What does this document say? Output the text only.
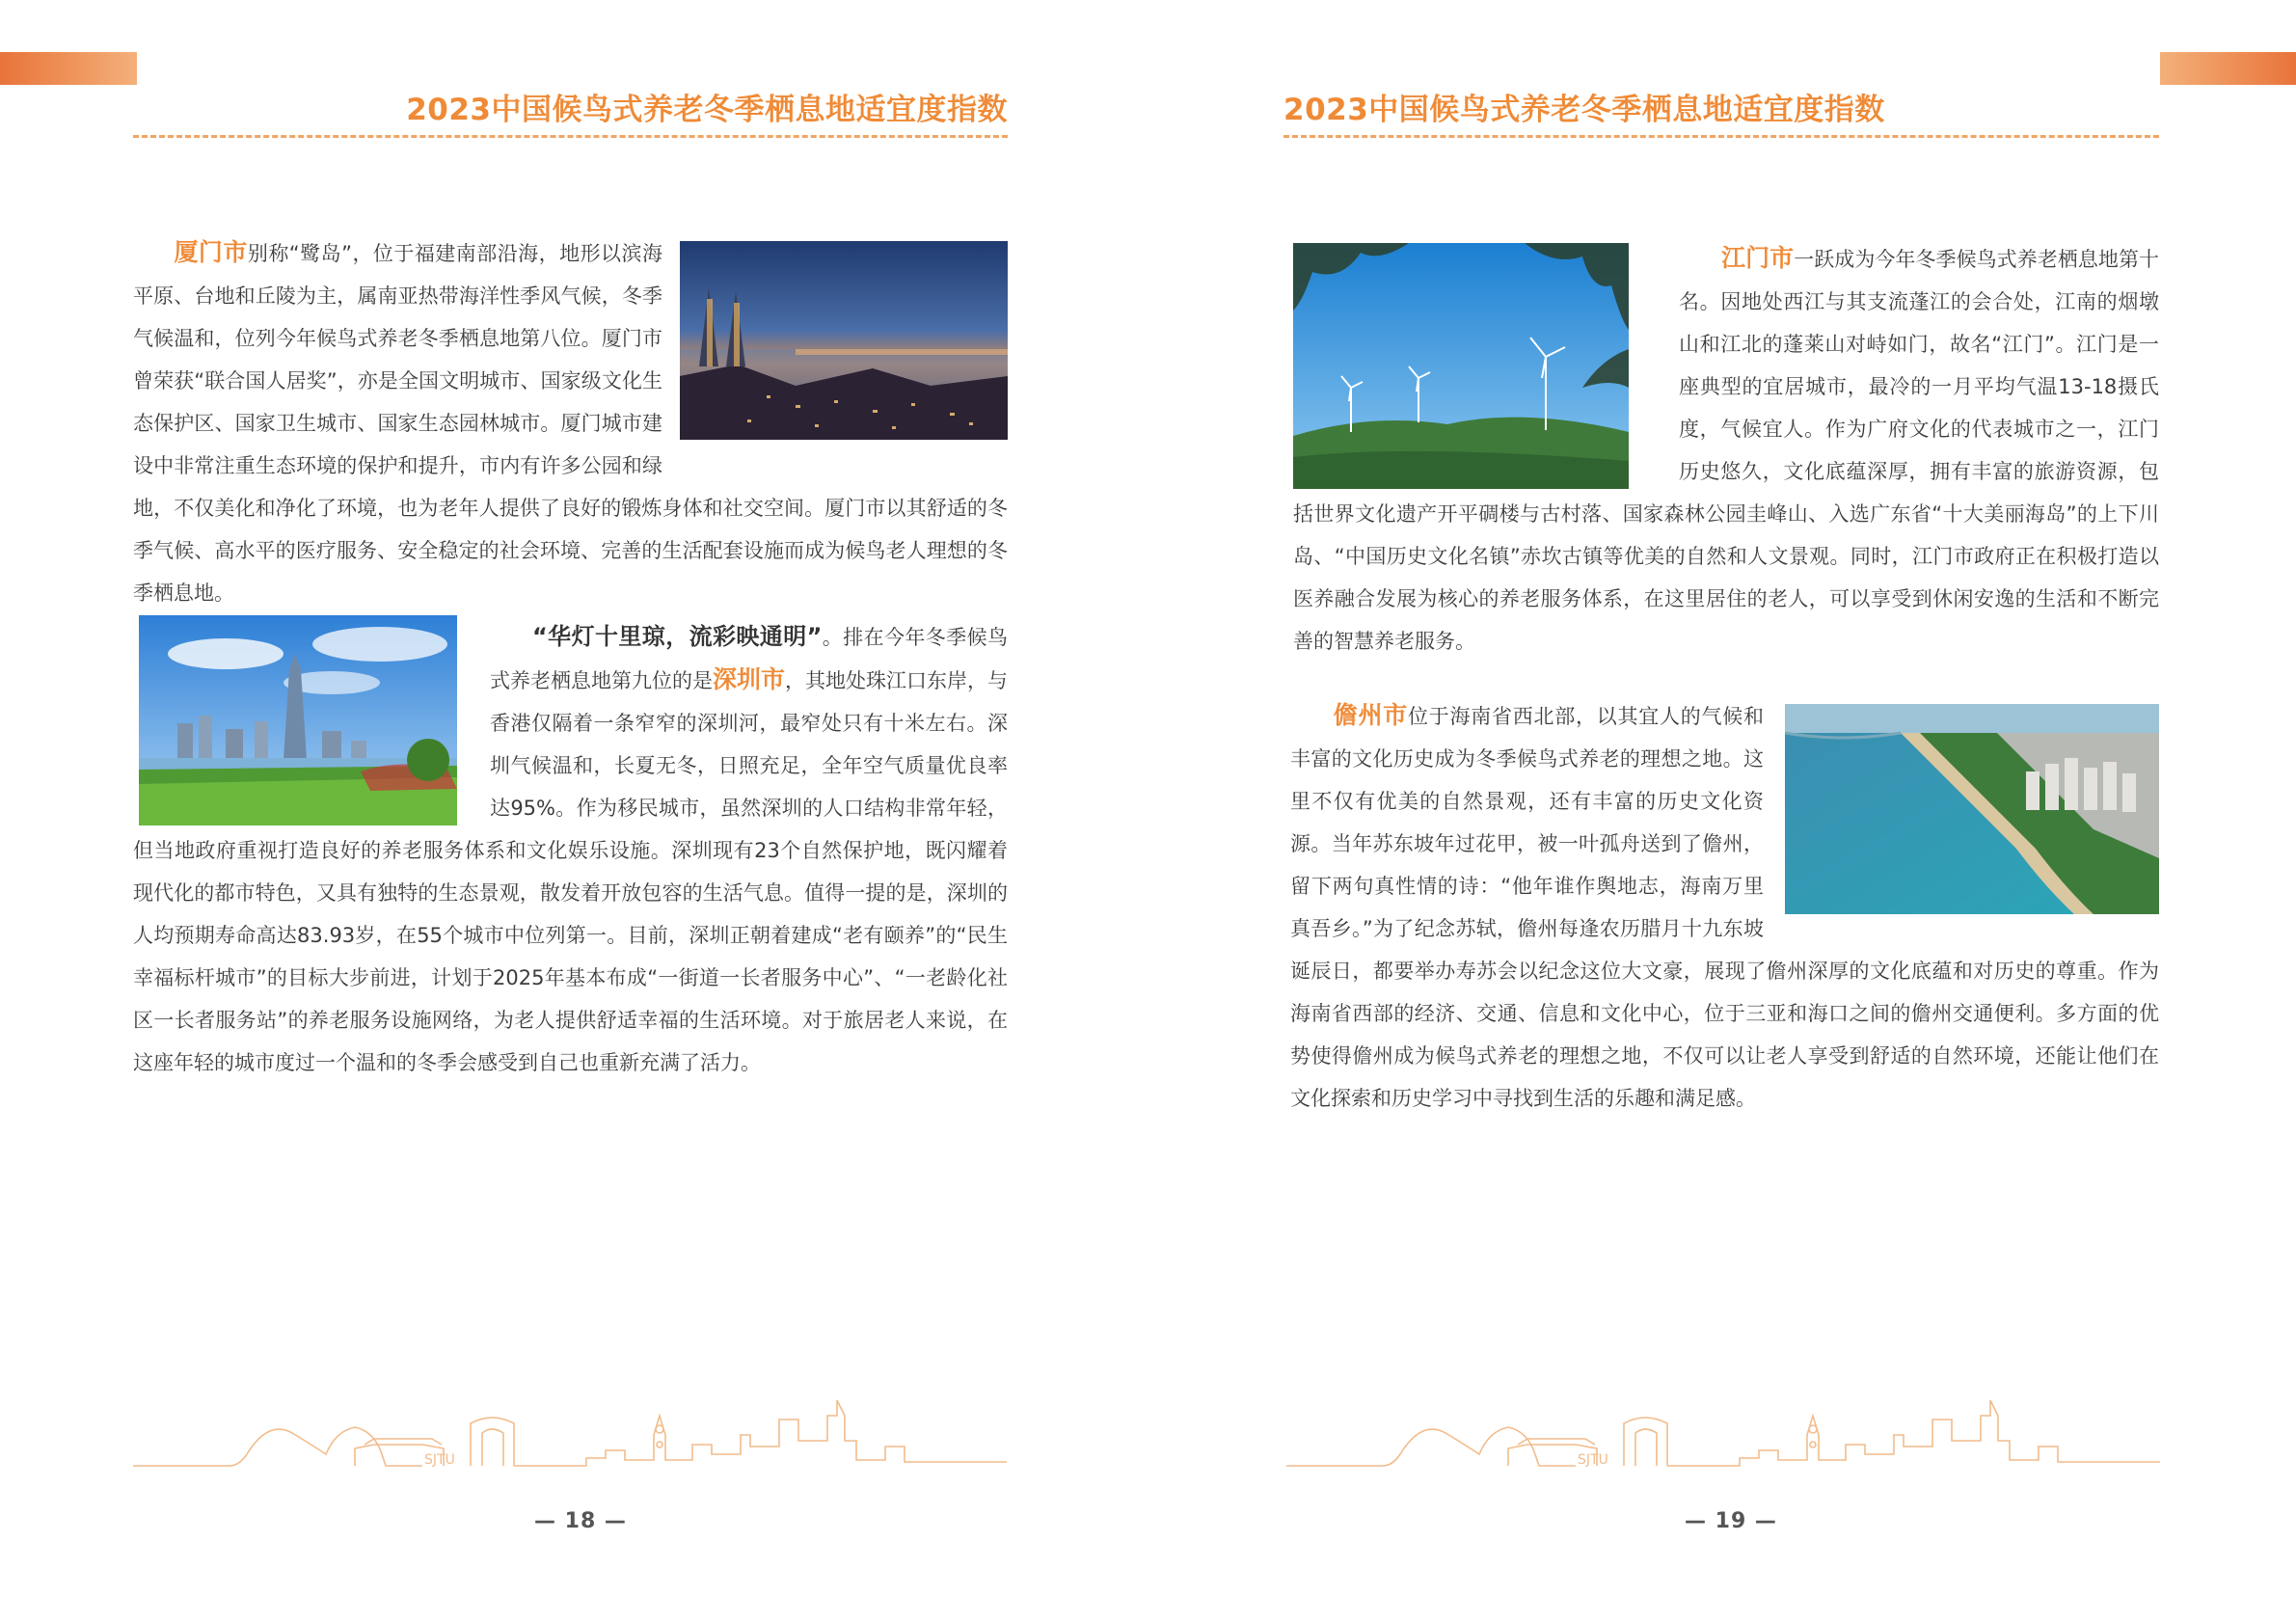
2023中国候鸟式养老冬季栖息地适宜度指数
厦门市别称“鹭岛”，位于福建南部沿海，地形以滨海平原、台地和丘陵为主，属南亚热带海洋性季风气候，冬季气候温和，位列今年候鸟式养老冬季栖息地第八位。厦门市曾荣获“联合国人居奖”，亦是全国文明城市、国家级文化生态保护区、国家卫生城市、国家生态园林城市。厦门城市建设中非常注重生态环境的保护和提升，市内有许多公园和绿地，不仅美化和净化了环境，也为老年人提供了良好的锻炼身体和社交空间。厦门市以其舒适的冬季气候、高水平的医疗服务、安全稳定的社会环境、完善的生活配套设施而成为候鸟老人理想的冬季栖息地。
“华灯十里琼，流彩映通明”。排在今年冬季候鸟式养老栖息地第九位的是深圳市，其地处珠江口东岸，与香港仅隔着一条窄窄的深圳河，最窄处只有十米左右。深圳气候温和，长夏无冬，日照充足，全年空气质量优良率达95%。作为移民城市，虽然深圳的人口结构非常年轻，但当地政府重视打造良好的养老服务体系和文化娱乐设施。深圳现有23个自然保护地，既闪耀着现代化的都市特色，又具有独特的生态景观，散发着开放包容的生活气息。值得一提的是，深圳的人均预期寿命高达83.93岁，在55个城市中位列第一。目前，深圳正朝着建成“老有颐养”的“民生幸福标杆城市”的目标大步前进，计划于2025年基本布成“一街道一长者服务中心”、“一老龄化社区一长者服务站”的养老服务设施网络，为老人提供舒适幸福的生活环境。对于旅居老人来说，在这座年轻的城市度过一个温和的冬季会感受到自己也重新充满了活力。
SJTU
— 18 —
2023中国候鸟式养老冬季栖息地适宜度指数
江门市一跃成为今年冬季候鸟式养老栖息地第十名。因地处西江与其支流蓬江的会合处，江南的烟墩山和江北的蓬莱山对峙如门，故名“江门”。江门是一座典型的宜居城市，最冷的一月平均气温13-18摄氏度，气候宜人。作为广府文化的代表城市之一，江门历史悠久，文化底蕴深厚，拥有丰富的旅游资源，包括世界文化遗产开平碉楼与古村落、国家森林公园圭峰山、入选广东省“十大美丽海岛”的上下川岛、“中国历史文化名镇”赤坎古镇等优美的自然和人文景观。同时，江门市政府正在积极打造以医养融合发展为核心的养老服务体系，在这里居住的老人，可以享受到休闲安逸的生活和不断完善的智慧养老服务。
儋州市位于海南省西北部，以其宜人的气候和丰富的文化历史成为冬季候鸟式养老的理想之地。这里不仅有优美的自然景观，还有丰富的历史文化资源。当年苏东坡年过花甲，被一叶孤舟送到了儋州，留下两句真性情的诗：“他年谁作舆地志，海南万里真吾乡。”为了纪念苏轼，儋州每逢农历腊月十九东坡诞辰日，都要举办寿苏会以纪念这位大文豪，展现了儋州深厚的文化底蕴和对历史的尊重。作为海南省西部的经济、交通、信息和文化中心，位于三亚和海口之间的儋州交通便利。多方面的优势使得儋州成为候鸟式养老的理想之地，不仅可以让老人享受到舒适的自然环境，还能让他们在文化探索和历史学习中寻找到生活的乐趣和满足感。
SJTU
— 19 —
